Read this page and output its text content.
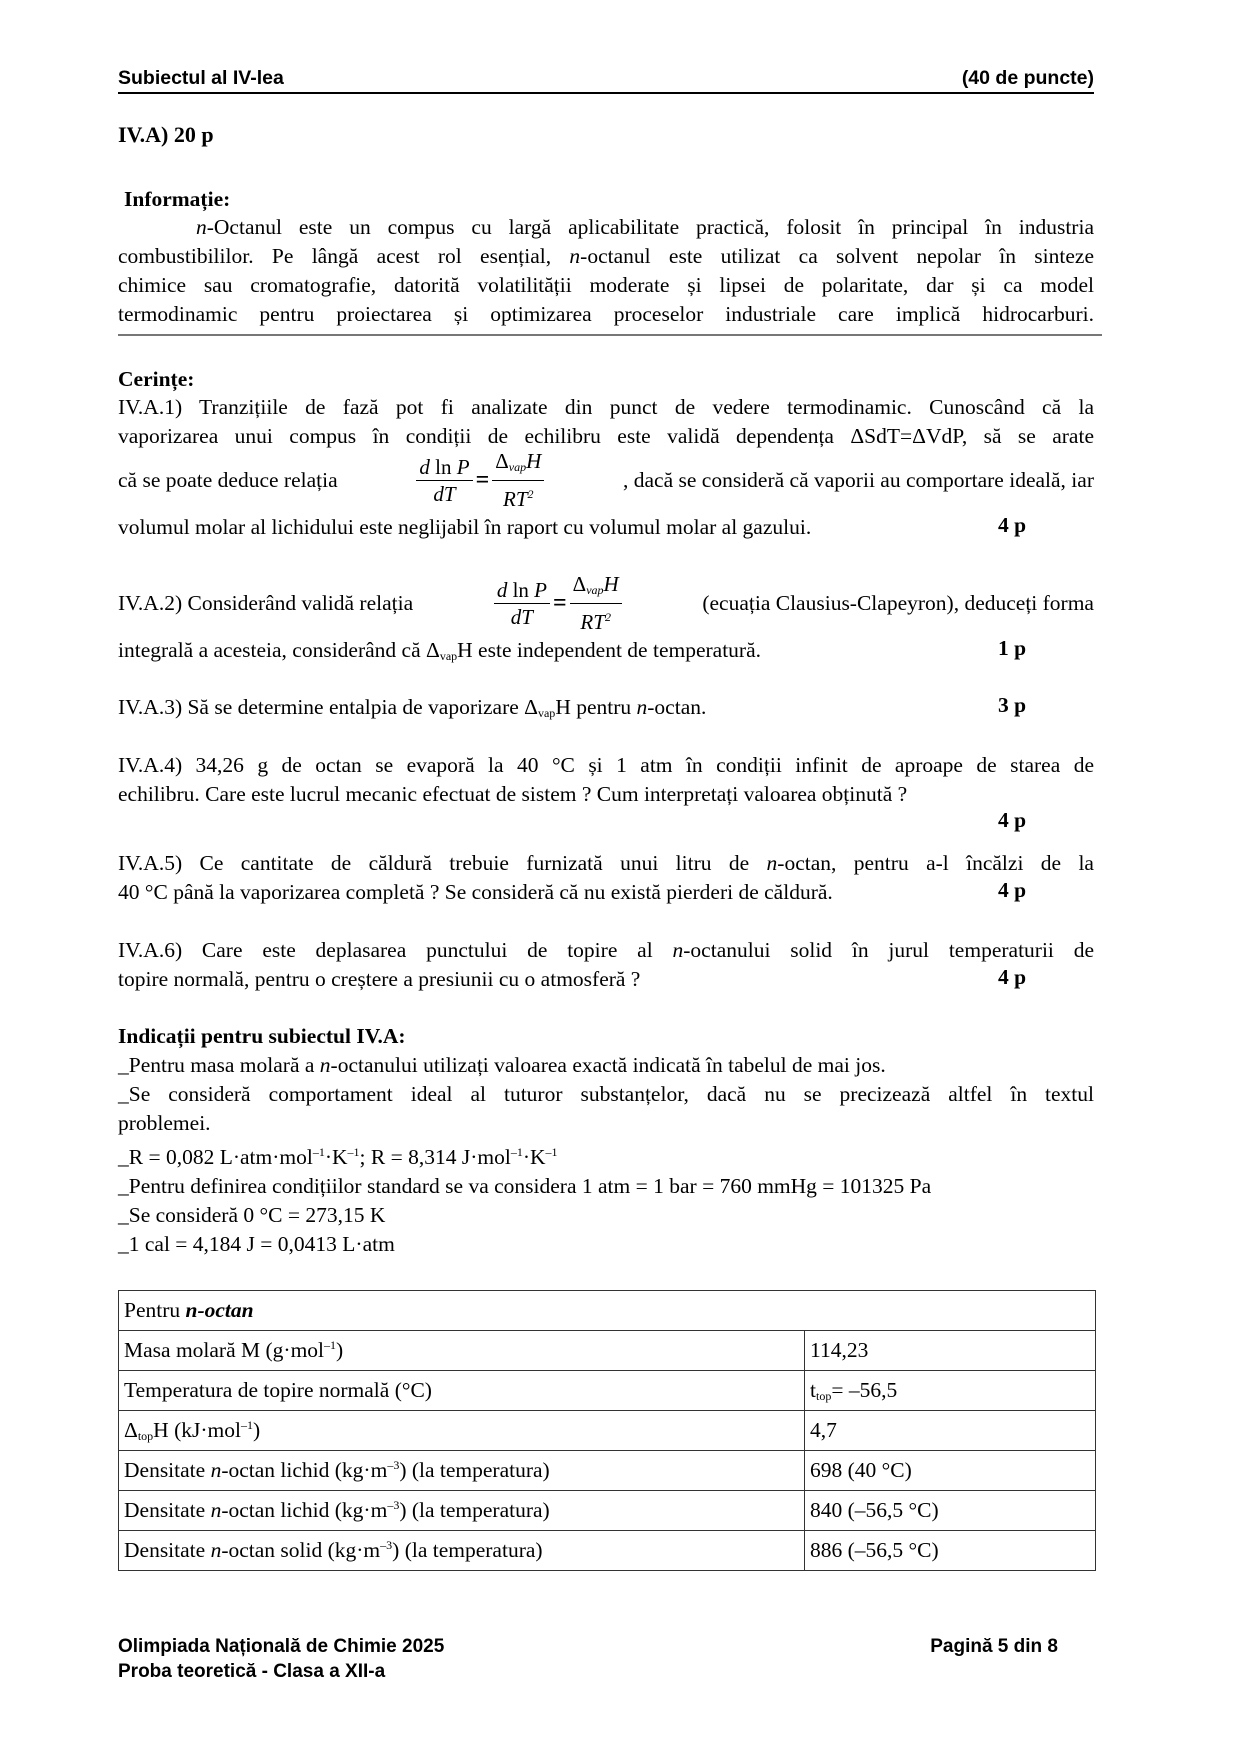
Subiectul al IV-lea	(40 de puncte)
IV.A) 20 p
Informație:
n-Octanul este un compus cu largă aplicabilitate practică, folosit în principal în industria
combustibililor. Pe lângă acest rol esențial, n-octanul este utilizat ca solvent nepolar în sinteze
chimice sau cromatografie, datorită volatilității moderate și lipsei de polaritate, dar și ca model
termodinamic pentru proiectarea și optimizarea proceselor industriale care implică hidrocarburi.
Cerințe:
IV.A.1) Tranzițiile de fază pot fi analizate din punct de vedere termodinamic. Cunoscând că la
vaporizarea unui compus în condiții de echilibru este validă dependența ΔSdT=ΔVdP, să se arate
că se poate deduce relația	$\frac{\text{d ln P}}{dT} = \frac{\Delta_{vap}H}{RT^2}$	, dacă se consideră că vaporii au comportare ideală, iar
volumul molar al lichidului este neglijabil în raport cu volumul molar al gazului.	4 p
IV.A.2) Considerând validă relația	$\frac{\text{d ln P}}{dT} = \frac{\Delta_{vap}H}{RT^2}$	(ecuația Clausius-Clapeyron), deduceți forma
integrală a acesteia, considerând că $\Delta_{vap}H$ este independent de temperatură.	1 p
IV.A.3) Să se determine entalpia de vaporizare $\Delta_{vap}H$ pentru n-octan.	3 p
IV.A.4) 34,26 g de octan se evaporă la 40 °C și 1 atm în condiții infinit de aproape de starea de
echilibru. Care este lucrul mecanic efectuat de sistem ? Cum interpretați valoarea obținută ?
4 p
IV.A.5) Ce cantitate de căldură trebuie furnizată unui litru de n-octan, pentru a-l încălzi de la
40 °C până la vaporizarea completă ? Se consideră că nu există pierderi de căldură.	4 p
IV.A.6) Care este deplasarea punctului de topire al n-octanului solid în jurul temperaturii de
topire normală, pentru o creștere a presiunii cu o atmosferă ?	4 p
Indicații pentru subiectul IV.A:
_Pentru masa molară a n-octanului utilizați valoarea exactă indicată în tabelul de mai jos.
_Se consideră comportament ideal al tuturor substanțelor, dacă nu se precizează altfel în textul
problemei.
_R = 0,082 $L\cdot atm\cdot mol^{-1}\cdot K^{-1}$; R = 8,314 $J\cdot mol^{-1}\cdot K^{-1}$
_Pentru definirea condițiilor standard se va considera 1 atm = 1 bar = 760 mmHg = 101325 Pa
_Se consideră 0 °C = 273,15 K
_1 cal = 4,184 J = 0,0413 L·atm
Pentru n-octan	
Masa molară M (g·mol$^{-1}$)	114,23
Temperatura de topire normală (°C)	$t_{top}= -56,5$
$\Delta_{top}H$ (kJ·mol$^{-1}$)	4,7
Densitate n-octan lichid $(kg\cdot m^{-3})$ (la temperatura)	698 (40 °C)
Densitate n-octan lichid $(kg\cdot m^{-3})$ (la temperatura)	840 (–56,5 °C)
Densitate n-octan solid $(kg\cdot m^{-3})$ (la temperatura)	886 (–56,5 °C)
Olimpiada Națională de Chimie 2025
Proba teoretică - Clasa a XII-a
Pagină 5 din 8
